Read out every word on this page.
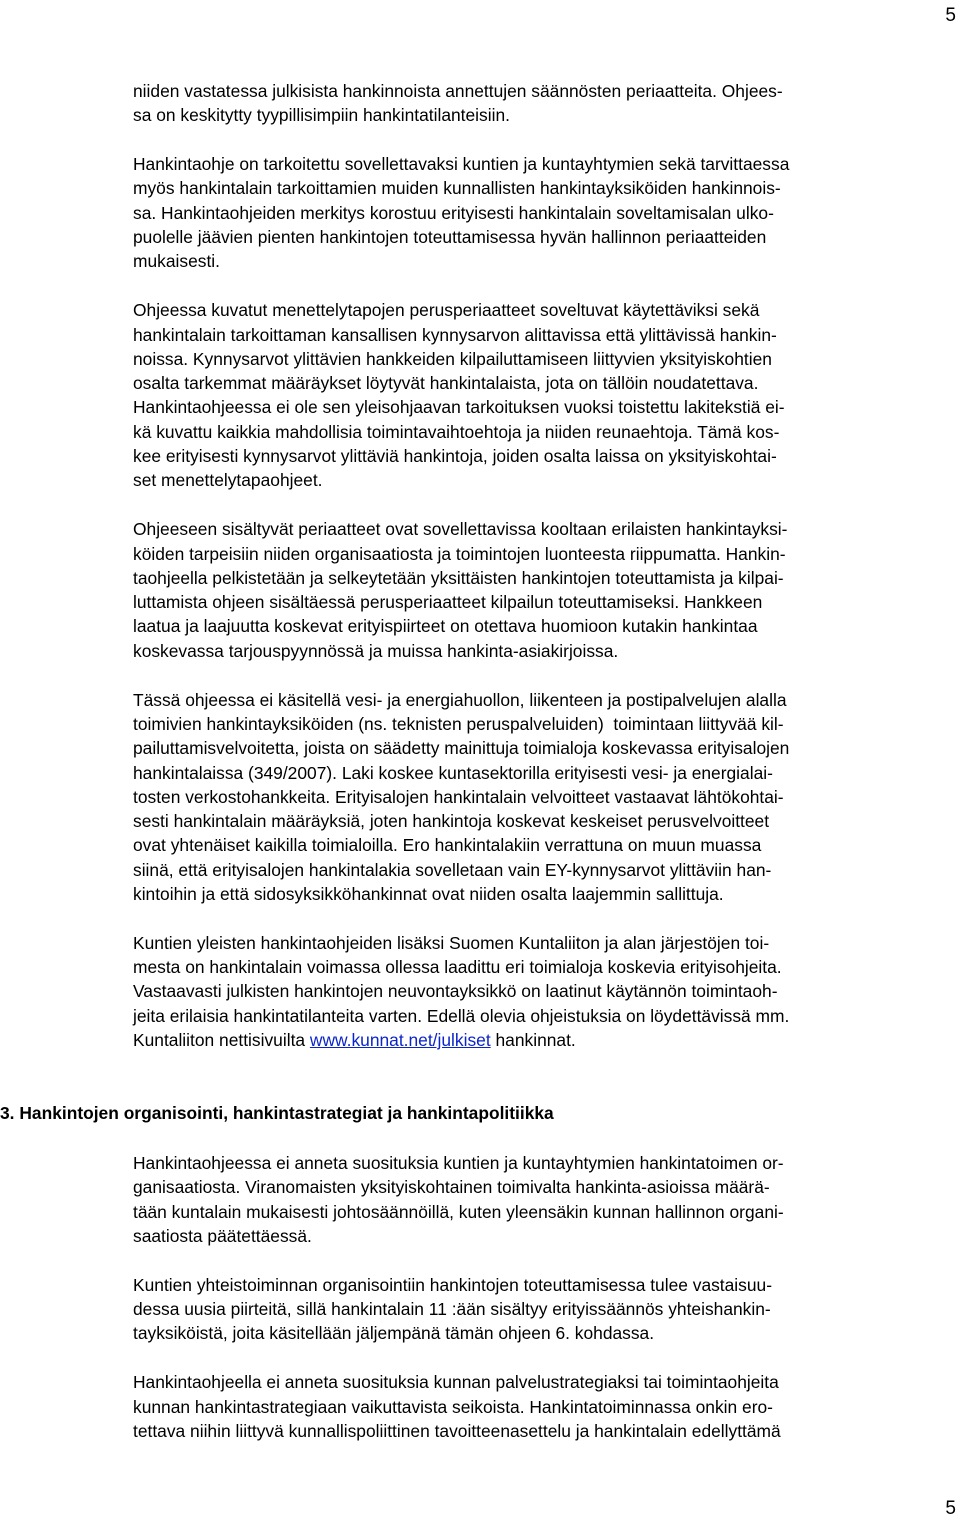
5

niiden vastatessa julkisista hankinnoista annettujen säännösten periaatteita. Ohjees-
sa on keskitytty tyypillisimpiin hankintatilanteisiin.

Hankintaohje on tarkoitettu sovellettavaksi kuntien ja kuntayhtymien sekä tarvittaessa
myös hankintalain tarkoittamien muiden kunnallisten hankintayksiköiden hankinnois-
sa. Hankintaohjeiden merkitys korostuu erityisesti hankintalain soveltamisalan ulko-
puolelle jäävien pienten hankintojen toteuttamisessa hyvän hallinnon periaatteiden
mukaisesti.

Ohjeessa kuvatut menettelytapojen perusperiaatteet soveltuvat käytettäviksi sekä
hankintalain tarkoittaman kansallisen kynnysarvon alittavissa että ylittävissä hankin-
noissa. Kynnysarvot ylittävien hankkeiden kilpailuttamiseen liittyvien yksityiskohtien
osalta tarkemmat määräykset löytyvät hankintalaista, jota on tällöin noudatettava.
Hankintaohjeessa ei ole sen yleisohjaavan tarkoituksen vuoksi toistettu lakitekstiä ei-
kä kuvattu kaikkia mahdollisia toimintavaihtoehtoja ja niiden reunaehtoja. Tämä kos-
kee erityisesti kynnysarvot ylittäviä hankintoja, joiden osalta laissa on yksityiskohtai-
set menettelytapaohjeet.

Ohjeeseen sisältyvät periaatteet ovat sovellettavissa kooltaan erilaisten hankintayksi-
köiden tarpeisiin niiden organisaatiosta ja toimintojen luonteesta riippumatta. Hankin-
taohjeella pelkistetään ja selkeytetään yksittäisten hankintojen toteuttamista ja kilpai-
luttamista ohjeen sisältäessä perusperiaatteet kilpailun toteuttamiseksi. Hankkeen
laatua ja laajuutta koskevat erityispiirteet on otettava huomioon kutakin hankintaa
koskevassa tarjouspyynnössä ja muissa hankinta-asiakirjoissa.

Tässä ohjeessa ei käsitellä vesi- ja energiahuollon, liikenteen ja postipalvelujen alalla
toimivien hankintayksiköiden (ns. teknisten peruspalveluiden)  toimintaan liittyvää kil-
pailuttamisvelvoitetta, joista on säädetty mainittuja toimialoja koskevassa erityisalojen
hankintalaissa (349/2007). Laki koskee kuntasektorilla erityisesti vesi- ja energialai-
tosten verkostohankkeita. Erityisalojen hankintalain velvoitteet vastaavat lähtökohtai-
sesti hankintalain määräyksiä, joten hankintoja koskevat keskeiset perusvelvoitteet
ovat yhtenäiset kaikilla toimialoilla. Ero hankintalakiin verrattuna on muun muassa
siinä, että erityisalojen hankintalakia sovelletaan vain EY-kynnysarvot ylittäviin han-
kintoihin ja että sidosyksikköhankinnat ovat niiden osalta laajemmin sallittuja.

Kuntien yleisten hankintaohjeiden lisäksi Suomen Kuntaliiton ja alan järjestöjen toi-
mesta on hankintalain voimassa ollessa laadittu eri toimialoja koskevia erityisohjeita.
Vastaavasti julkisten hankintojen neuvontayksikkö on laatinut käytännön toimintaoh-
jeita erilaisia hankintatilanteita varten. Edellä olevia ohjeistuksia on löydettävissä mm.
Kuntaliiton nettisivuilta www.kunnat.net/julkiset hankinnat.

3. Hankintojen organisointi, hankintastrategiat ja hankintapolitiikka

Hankintaohjeessa ei anneta suosituksia kuntien ja kuntayhtymien hankintatoimen or-
ganisaatiosta. Viranomaisten yksityiskohtainen toimivalta hankinta-asioissa määrä-
tään kuntalain mukaisesti johtosäännöillä, kuten yleensäkin kunnan hallinnon organi-
saatiosta päätettäessä.

Kuntien yhteistoiminnan organisointiin hankintojen toteuttamisessa tulee vastaisuu-
dessa uusia piirteitä, sillä hankintalain 11 :ään sisältyy erityissäännös yhteishankin-
tayksiköistä, joita käsitellään jäljempänä tämän ohjeen 6. kohdassa.

Hankintaohjeella ei anneta suosituksia kunnan palvelustrategiaksi tai toimintaohjeita
kunnan hankintastrategiaan vaikuttavista seikoista. Hankintatoiminnassa onkin ero-
tettava niihin liittyvä kunnallispoliittinen tavoitteenasettelu ja hankintalain edellyttämä

5
